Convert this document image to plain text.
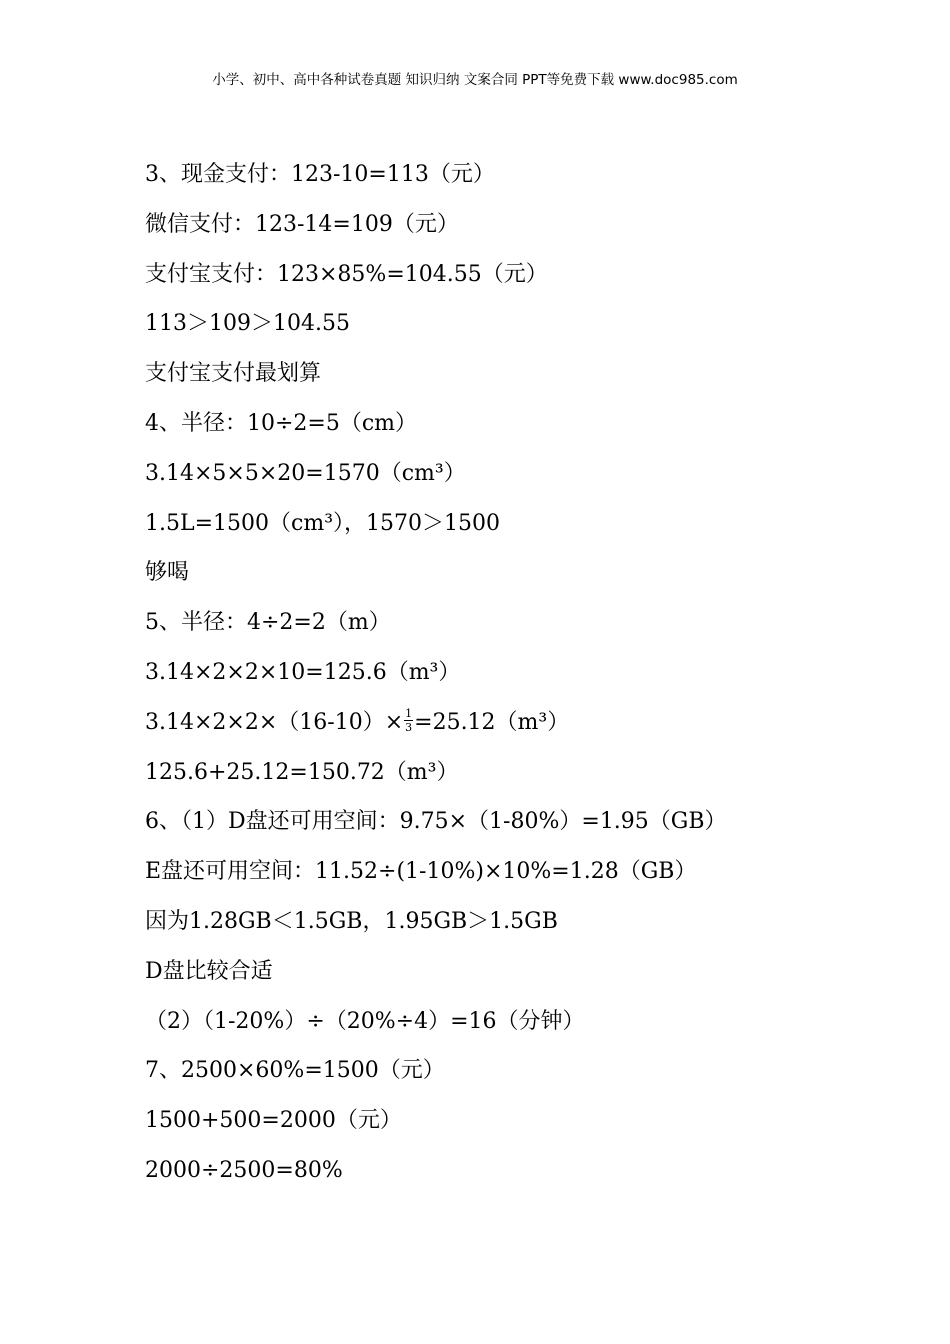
小学、初中、高中各种试卷真题 知识归纳 文案合同 PPT等免费下载 www.doc985.com
3、现金支付：123-10=113（元）
微信支付：123-14=109（元）
支付宝支付：123×85%=104.55（元）
113＞109＞104.55
支付宝支付最划算
4、半径：10÷2=5（cm）
3.14×5×5×20=1570（cm³）
1.5L=1500（cm³），1570＞1500
够喝
5、半径：4÷2=2（m）
3.14×2×2×10=125.6（m³）
$3.14\times 2\times 2\times(16-10)\times \frac{1}{3} =25.12(m^3)$
125.6+25.12=150.72（m³）
6、（1）D盘还可用空间：9.75×（1-80%）=1.95（GB）
E盘还可用空间：11.52÷(1-10%)×10%=1.28（GB）
因为1.28GB＜1.5GB，1.95GB＞1.5GB
D盘比较合适
（2）（1-20%）÷（20%÷4）=16（分钟）
7、2500×60%=1500（元）
1500+500=2000（元）
2000÷2500=80%
